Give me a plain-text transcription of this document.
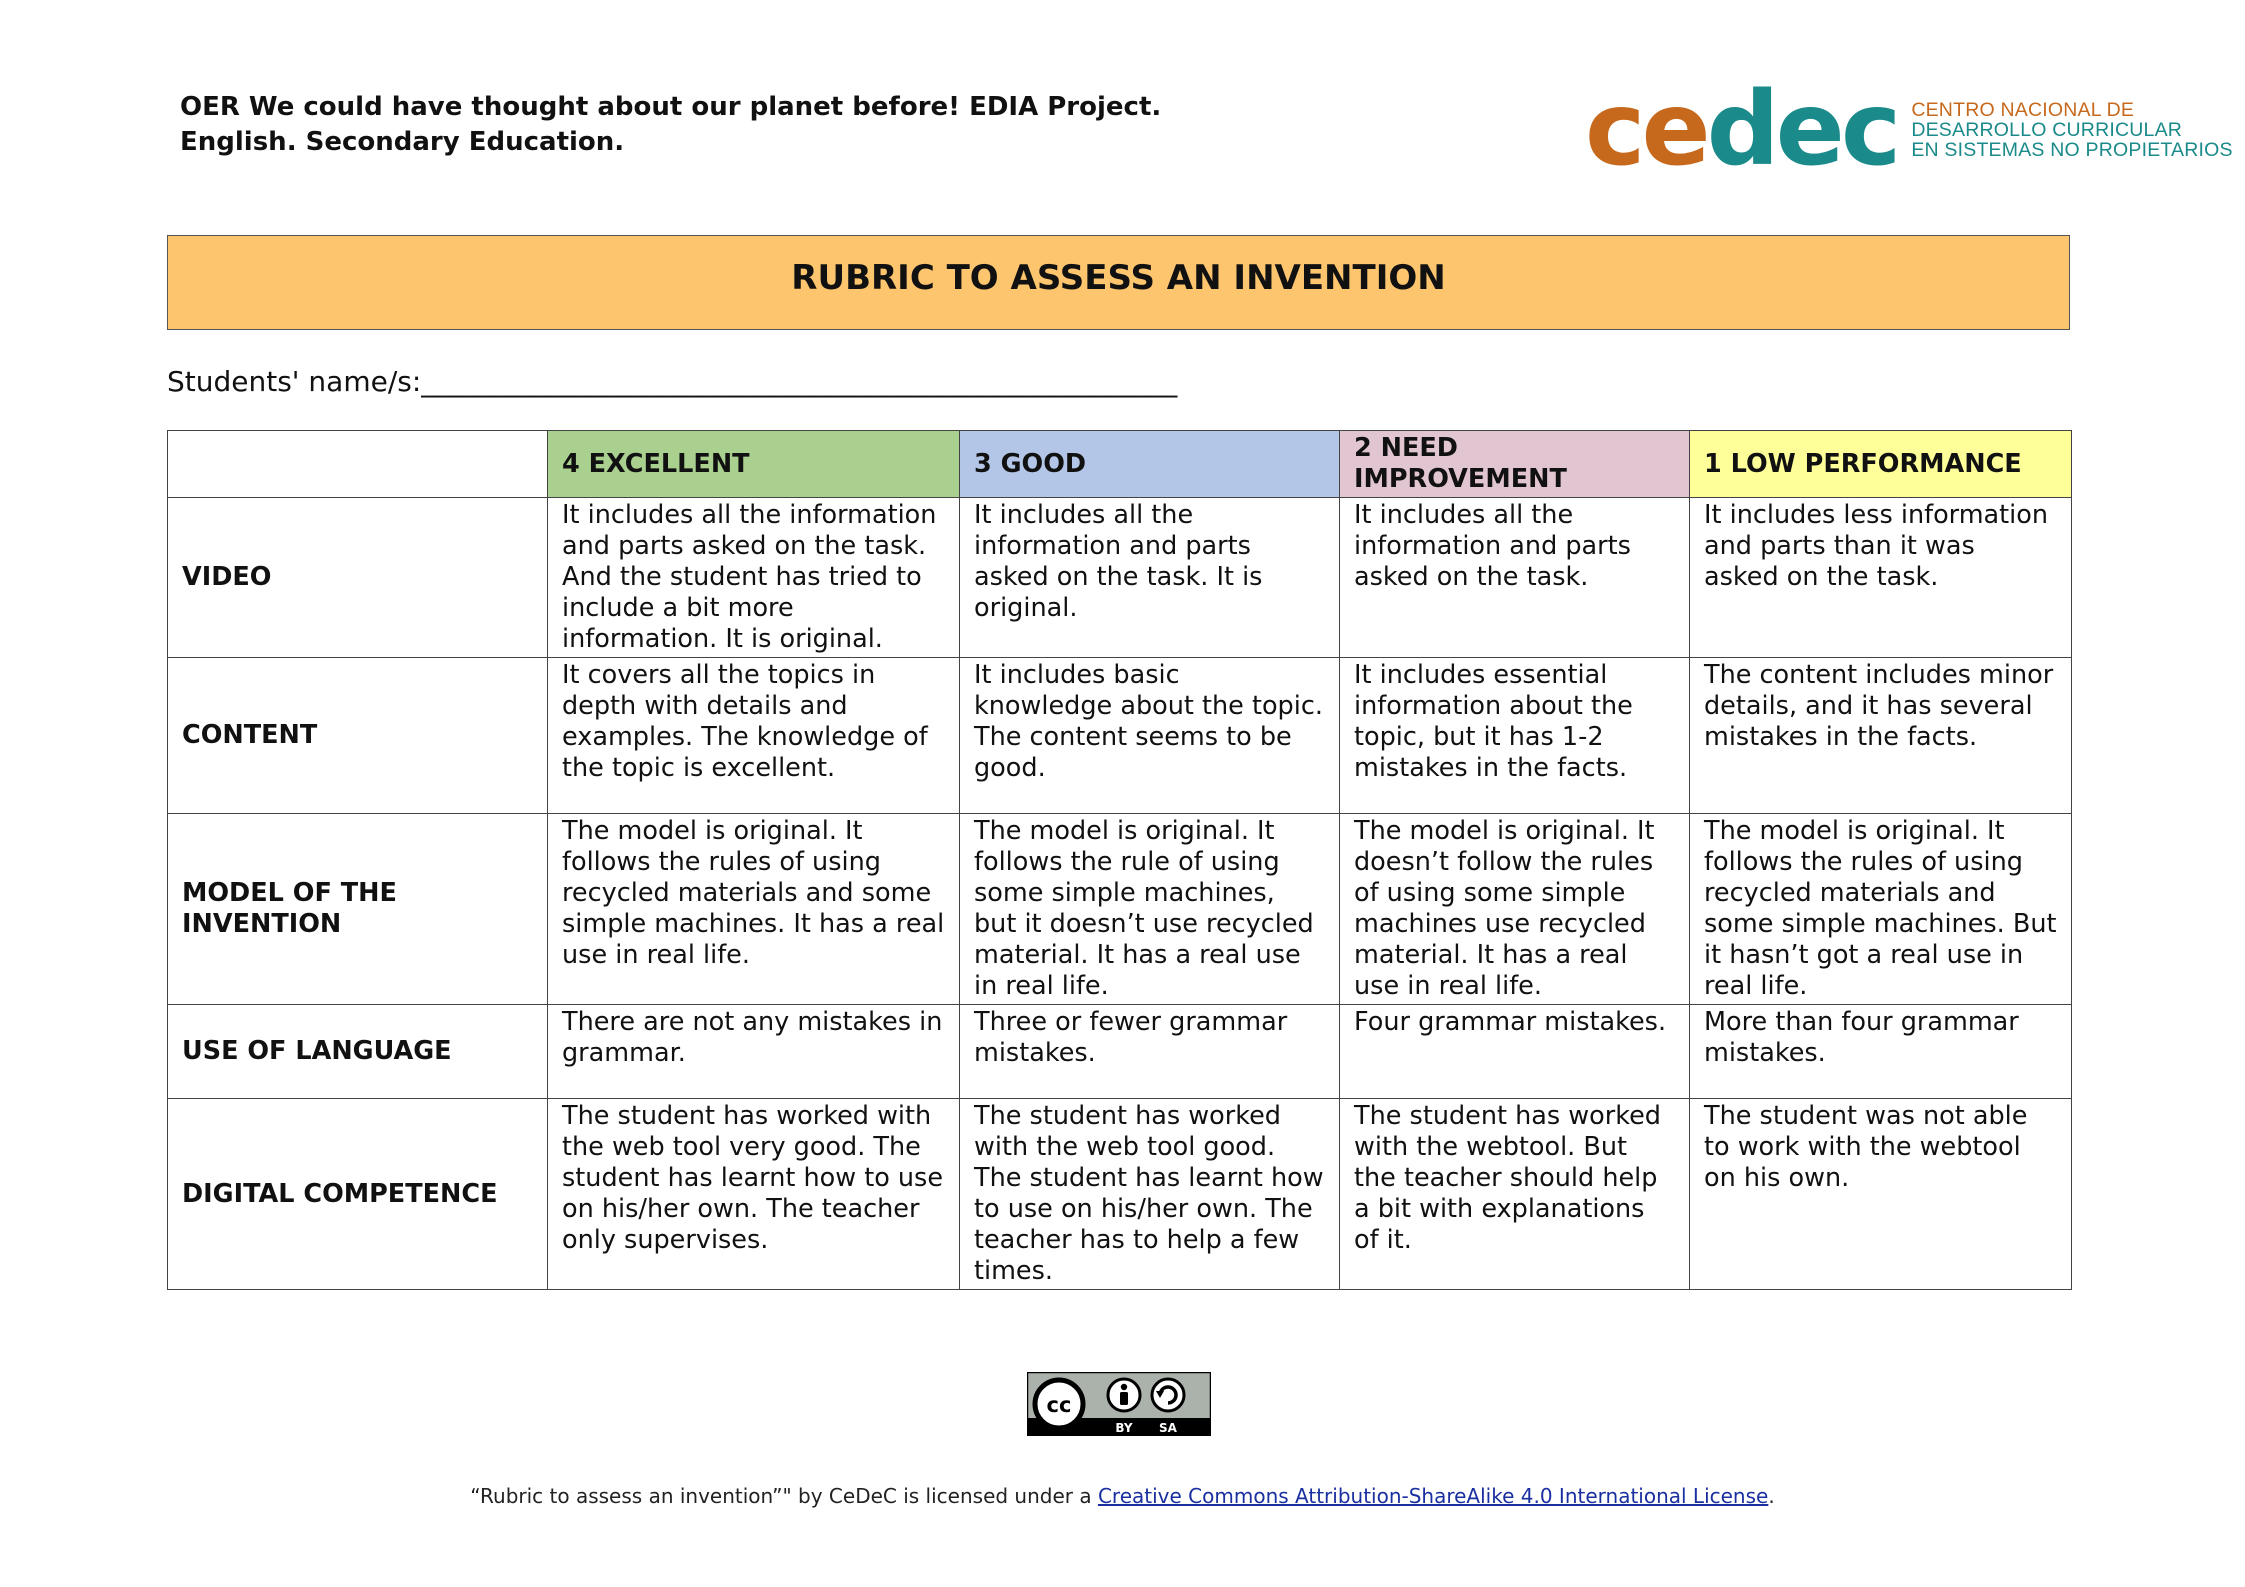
OER We could have thought about our planet before! EDIA Project.
English. Secondary Education.	cedec CENTRO NACIONAL DE
DESARROLLO CURRICULAR
EN SISTEMAS NO PROPIETARIOS
RUBRIC TO ASSESS AN INVENTION
Students' name/s:______________________________________________________
	4 EXCELLENT	3 GOOD	2 NEED IMPROVEMENT	1 LOW PERFORMANCE
VIDEO	It includes all the information and parts asked on the task. And the student has tried to include a bit more information. It is original.	It includes all the information and parts asked on the task. It is original.	It includes all the information and parts asked on the task.	It includes less information and parts than it was asked on the task.
CONTENT	It covers all the topics in depth with details and examples. The knowledge of the topic is excellent.	It includes basic knowledge about the topic. The content seems to be good.	It includes essential information about the topic, but it has 1-2 mistakes in the facts.	The content includes minor details, and it has several mistakes in the facts.
MODEL OF THE INVENTION	The model is original. It follows the rules of using recycled materials and some simple machines. It has a real use in real life.	The model is original. It follows the rule of using some simple machines, but it doesn’t use recycled material. It has a real use in real life.	The model is original. It doesn’t follow the rules of using some simple machines use recycled material. It has a real use in real life.	The model is original. It follows the rules of using recycled materials and some simple machines. But it hasn’t got a real use in real life.
USE OF LANGUAGE	There are not any mistakes in grammar.	Three or fewer grammar mistakes.	Four grammar mistakes.	More than four grammar mistakes.
DIGITAL COMPETENCE	The student has worked with the web tool very good. The student has learnt how to use on his/her own. The teacher only supervises.	The student has worked with the web tool good. The student has learnt how to use on his/her own. The teacher has to help a few times.	The student has worked with the webtool. But the teacher should help a bit with explanations of it.	The student was not able to work with the webtool on his own.
cc
BY SA
“Rubric to assess an invention”" by CeDeC is licensed under a Creative Commons Attribution-ShareAlike 4.0 International License.
